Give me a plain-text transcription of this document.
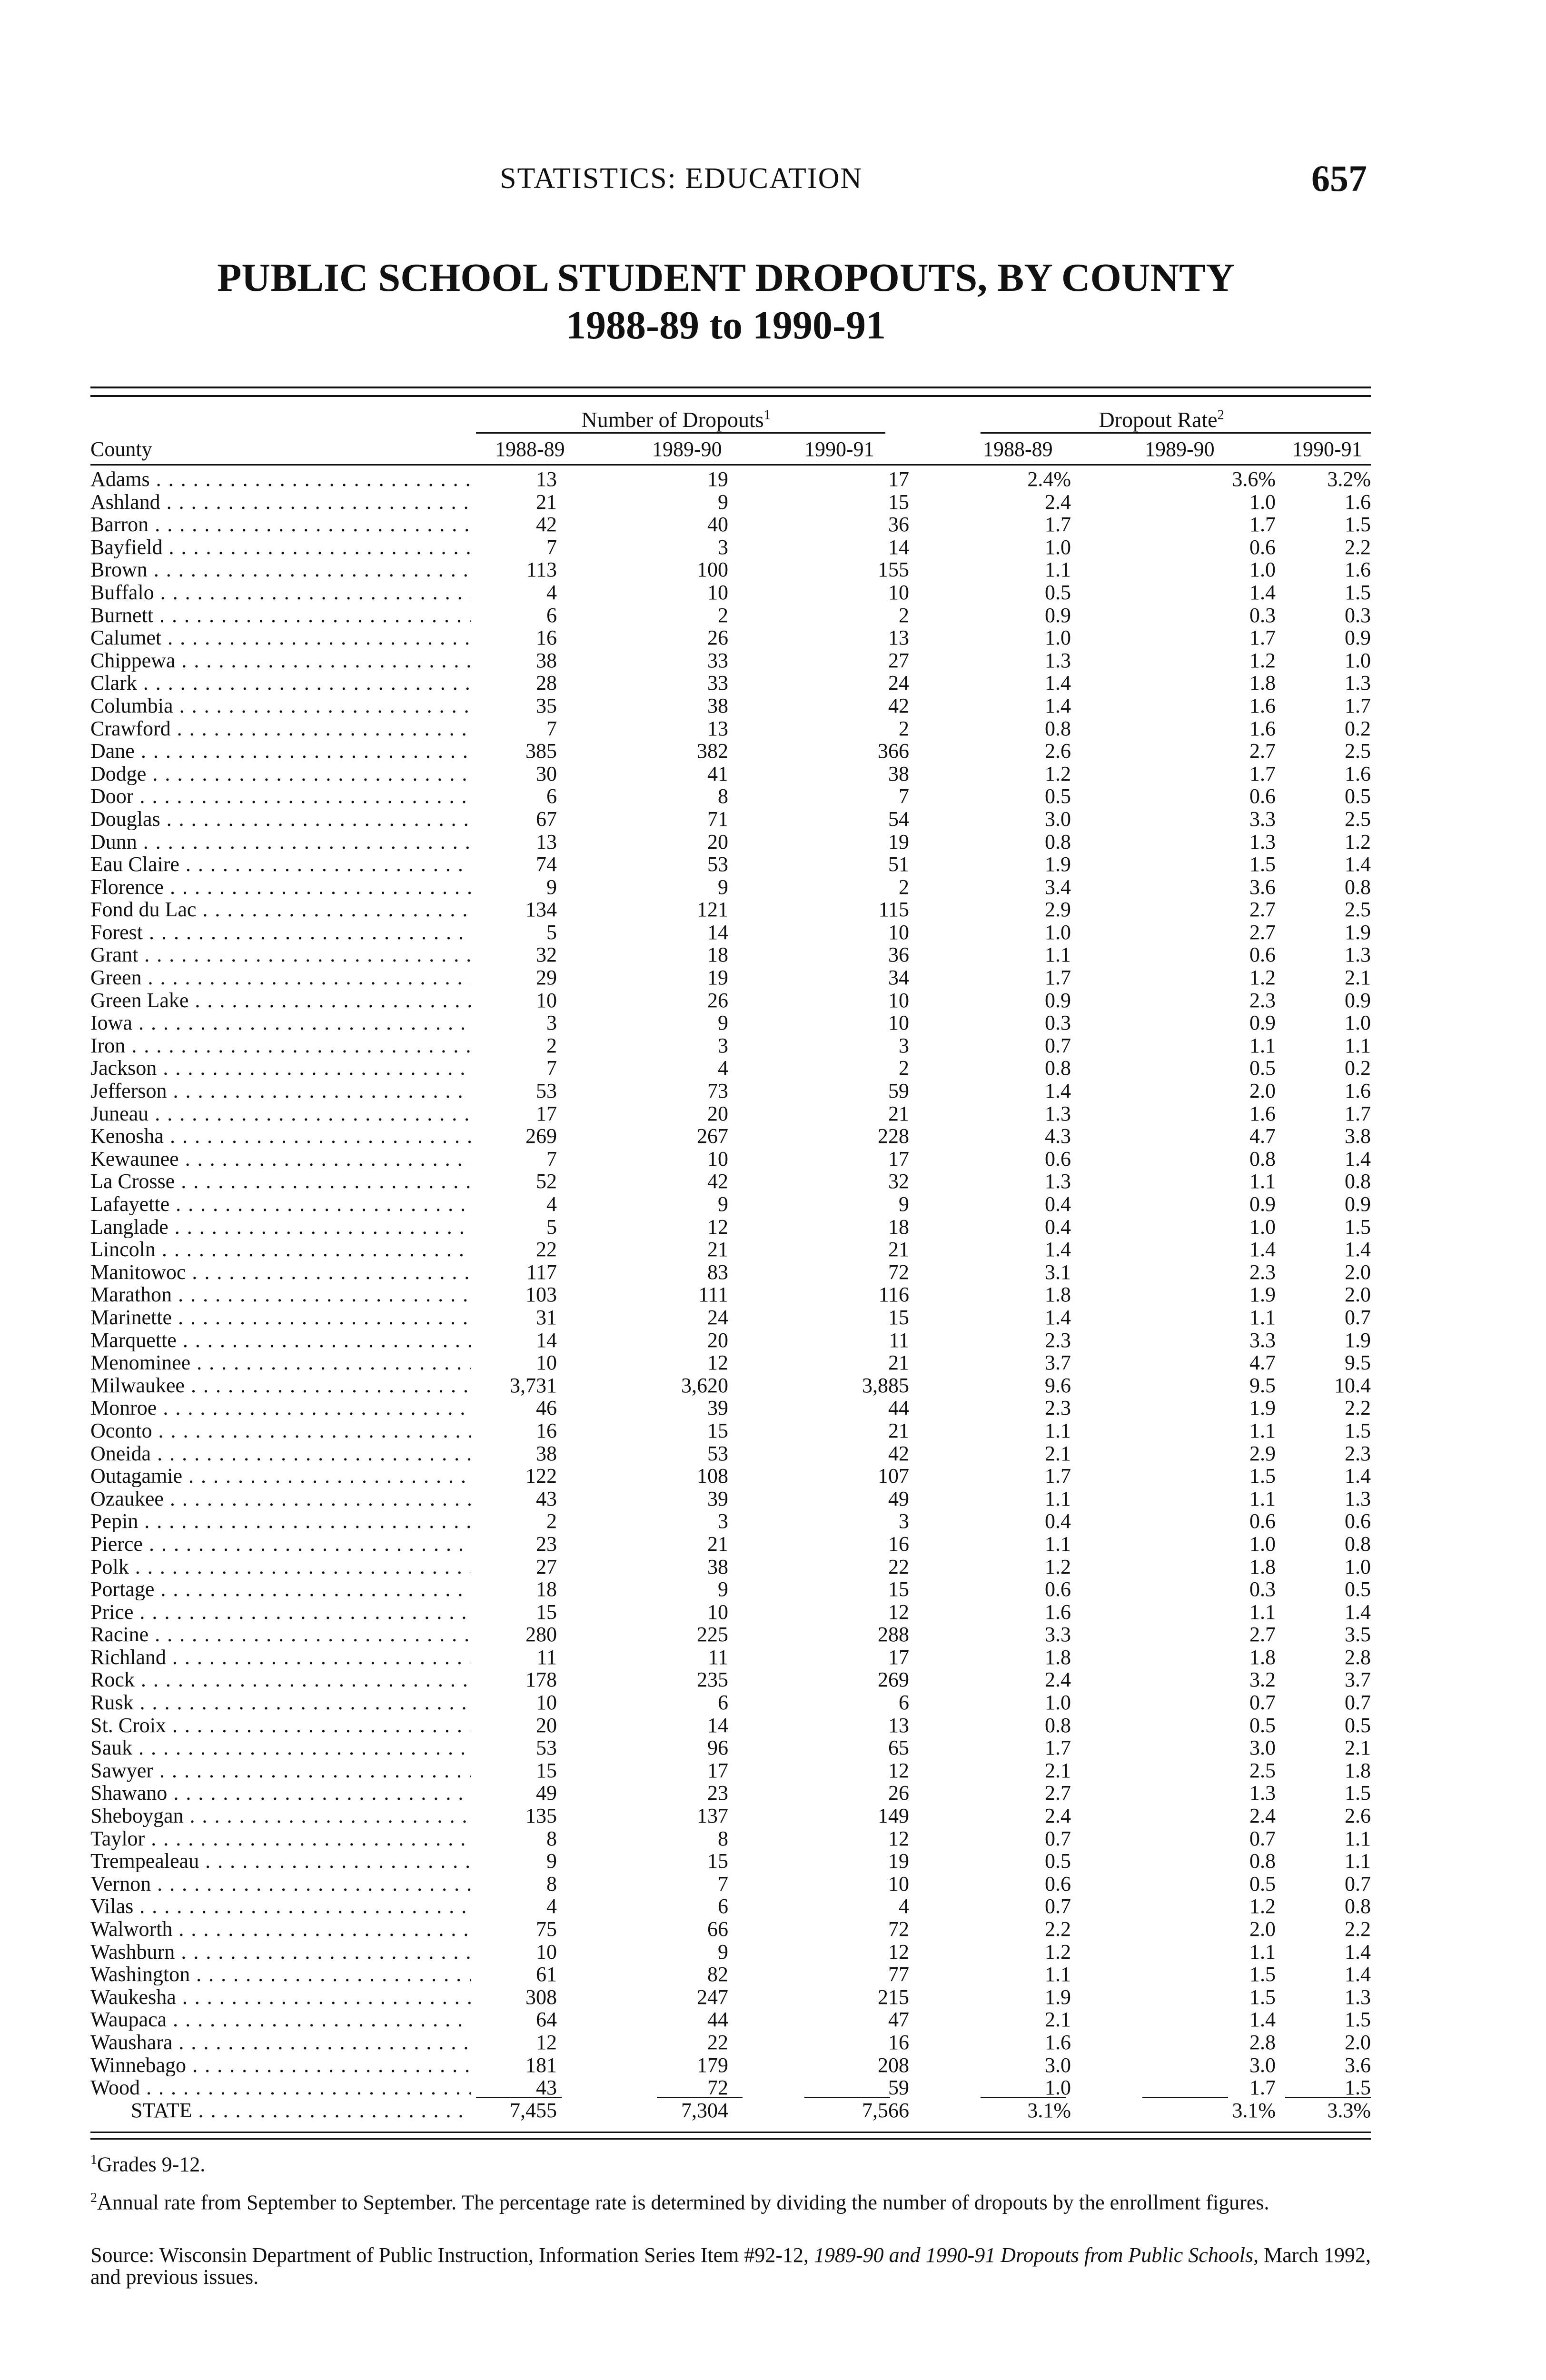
STATISTICS: EDUCATION	657
PUBLIC SCHOOL STUDENT DROPOUTS, BY COUNTY
1988-89 to 1990-91
Number of Dropouts$^1$	Dropout Rate$^2$
County	1988-89	1989-90	1990-91	1988-89	1989-90	1990-91
Adams . . .	13	19	17	2.4%	3.6%	3.2%
Ashland . . .	21	9	15	2.4	1.0	1.6
Barron . . .	42	40	36	1.7	1.7	1.5
Bayfield . . .	7	3	14	1.0	0.6	2.2
Brown . . .	113	100	155	1.1	1.0	1.6
Buffalo . . .	4	10	10	0.5	1.4	1.5
Burnett . . .	6	2	2	0.9	0.3	0.3
Calumet . . .	16	26	13	1.0	1.7	0.9
Chippewa . . .	38	33	27	1.3	1.2	1.0
Clark . . .	28	33	24	1.4	1.8	1.3
Columbia . . .	35	38	42	1.4	1.6	1.7
Crawford . . .	7	13	2	0.8	1.6	0.2
Dane . . .	385	382	366	2.6	2.7	2.5
Dodge . . .	30	41	38	1.2	1.7	1.6
Door . . .	6	8	7	0.5	0.6	0.5
Douglas . . .	67	71	54	3.0	3.3	2.5
Dunn . . .	13	20	19	0.8	1.3	1.2
Eau Claire . . .	74	53	51	1.9	1.5	1.4
Florence . . .	9	9	2	3.4	3.6	0.8
Fond du Lac . . .	134	121	115	2.9	2.7	2.5
Forest . . .	5	14	10	1.0	2.7	1.9
Grant . . .	32	18	36	1.1	0.6	1.3
Green . . .	29	19	34	1.7	1.2	2.1
Green Lake . . .	10	26	10	0.9	2.3	0.9
Iowa . . .	3	9	10	0.3	0.9	1.0
Iron . . .	2	3	3	0.7	1.1	1.1
Jackson . . .	7	4	2	0.8	0.5	0.2
Jefferson . . .	53	73	59	1.4	2.0	1.6
Juneau . . .	17	20	21	1.3	1.6	1.7
Kenosha . . .	269	267	228	4.3	4.7	3.8
Kewaunee . . .	7	10	17	0.6	0.8	1.4
La Crosse . . .	52	42	32	1.3	1.1	0.8
Lafayette . . .	4	9	9	0.4	0.9	0.9
Langlade . . .	5	12	18	0.4	1.0	1.5
Lincoln . . .	22	21	21	1.4	1.4	1.4
Manitowoc . . .	117	83	72	3.1	2.3	2.0
Marathon . . .	103	111	116	1.8	1.9	2.0
Marinette . . .	31	24	15	1.4	1.1	0.7
Marquette . . .	14	20	11	2.3	3.3	1.9
Menominee . . .	10	12	21	3.7	4.7	9.5
Milwaukee . . .	3,731	3,620	3,885	9.6	9.5	10.4
Monroe . . .	46	39	44	2.3	1.9	2.2
Oconto . . .	16	15	21	1.1	1.1	1.5
Oneida . . .	38	53	42	2.1	2.9	2.3
Outagamie . . .	122	108	107	1.7	1.5	1.4
Ozaukee . . .	43	39	49	1.1	1.1	1.3
Pepin . . .	2	3	3	0.4	0.6	0.6
Pierce . . .	23	21	16	1.1	1.0	0.8
Polk . . .	27	38	22	1.2	1.8	1.0
Portage . . .	18	9	15	0.6	0.3	0.5
Price . . .	15	10	12	1.6	1.1	1.4
Racine . . .	280	225	288	3.3	2.7	3.5
Richland . . .	11	11	17	1.8	1.8	2.8
Rock . . .	178	235	269	2.4	3.2	3.7
Rusk . . .	10	6	6	1.0	0.7	0.7
St. Croix . . .	20	14	13	0.8	0.5	0.5
Sauk . . .	53	96	65	1.7	3.0	2.1
Sawyer . . .	15	17	12	2.1	2.5	1.8
Shawano . . .	49	23	26	2.7	1.3	1.5
Sheboygan . . .	135	137	149	2.4	2.4	2.6
Taylor . . .	8	8	12	0.7	0.7	1.1
Trempealeau . . .	9	15	19	0.5	0.8	1.1
Vernon . . .	8	7	10	0.6	0.5	0.7
Vilas . . .	4	6	4	0.7	1.2	0.8
Walworth . . .	75	66	72	2.2	2.0	2.2
Washburn . . .	10	9	12	1.2	1.1	1.4
Washington . . .	61	82	77	1.1	1.5	1.4
Waukesha . . .	308	247	215	1.9	1.5	1.3
Waupaca . . .	64	44	47	2.1	1.4	1.5
Waushara . . .	12	22	16	1.6	2.8	2.0
Winnebago . . .	181	179	208	3.0	3.0	3.6
Wood . . .	43	72	59	1.0	1.7	1.5
STATE . . .	7,455	7,304	7,566	3.1%	3.1%	3.3%
$^1$Grades 9-12.
$^2$Annual rate from September to September. The percentage rate is determined by dividing the number of dropouts by the enrollment figures.
Source: Wisconsin Department of Public Instruction, Information Series Item #92-12, 1989-90 and 1990-91 Dropouts from Public Schools, March 1992, and previous issues.
